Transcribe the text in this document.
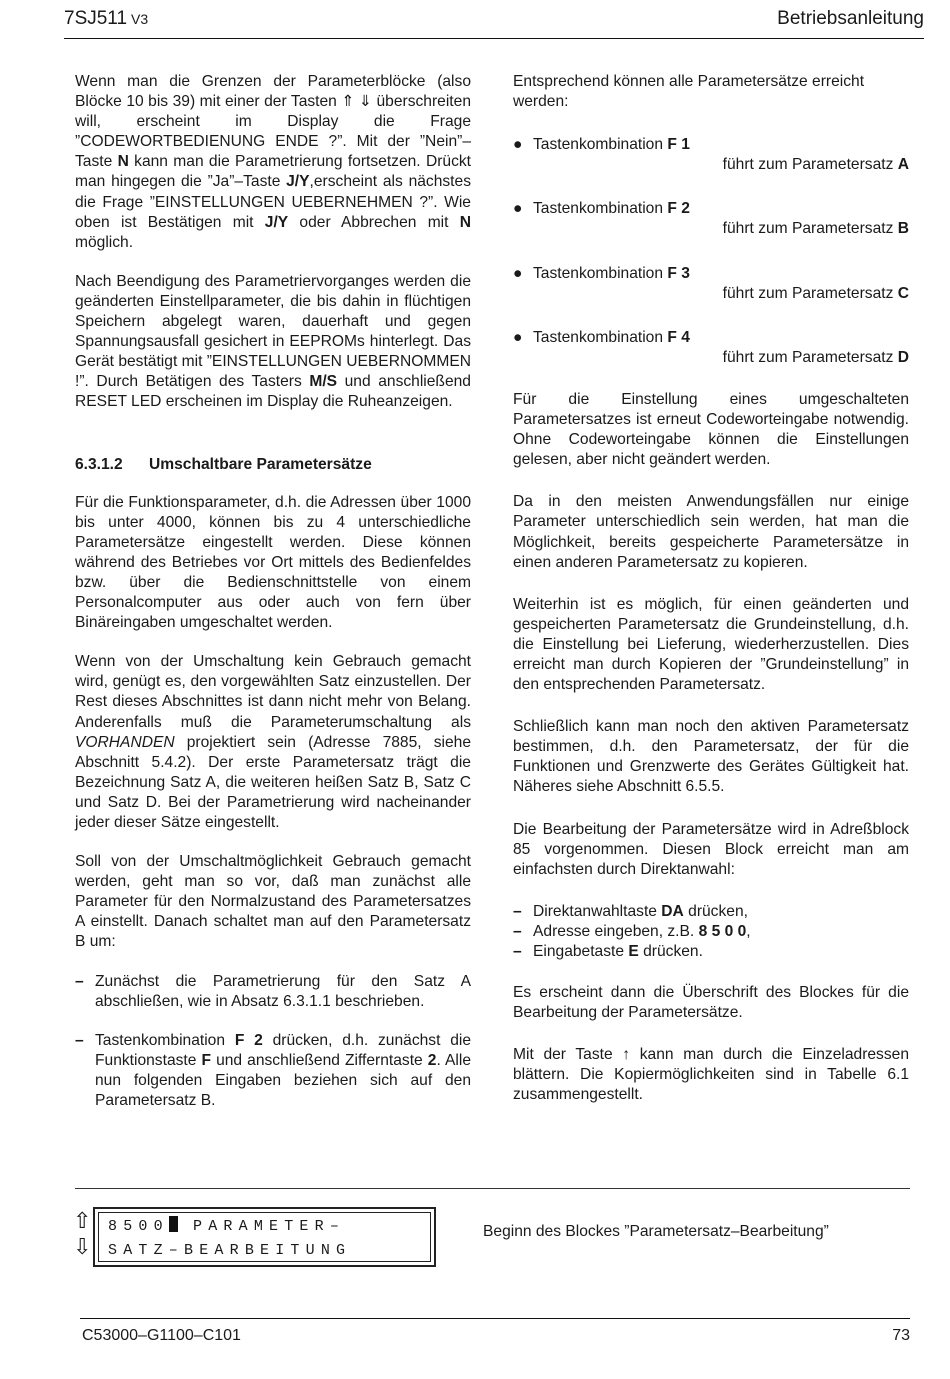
7SJ511 V3	Betriebsanleitung

Wenn man die Grenzen der Parameterblöcke (also Blöcke 10 bis 39) mit einer der Tasten ⇑ ⇓ überschreiten will, erscheint im Display die Frage ”CODEWORTBEDIENUNG ENDE ?”. Mit der ”Nein”–Taste N kann man die Parametrierung fortsetzen. Drückt man hingegen die ”Ja”–Taste J/Y,erscheint als nächstes die Frage ”EINSTELLUNGEN UEBERNEHMEN ?”. Wie oben ist Bestätigen mit J/Y oder Abbrechen mit N möglich.

Nach Beendigung des Parametriervorganges werden die geänderten Einstellparameter, die bis dahin in flüchtigen Speichern abgelegt waren, dauerhaft und gegen Spannungsausfall gesichert in EEPROMs hinterlegt. Das Gerät bestätigt mit ”EINSTELLUNGEN UEBERNOMMEN !”. Durch Betätigen des Tasters M/S und anschließend RESET LED erscheinen im Display die Ruheanzeigen.

6.3.1.2 Umschaltbare Parametersätze

Für die Funktionsparameter, d.h. die Adressen über 1000 bis unter 4000, können bis zu 4 unterschiedliche Parametersätze eingestellt werden. Diese können während des Betriebes vor Ort mittels des Bedienfeldes bzw. über die Bedienschnittstelle von einem Personalcomputer aus oder auch von fern über Binäreingaben umgeschaltet werden.

Wenn von der Umschaltung kein Gebrauch gemacht wird, genügt es, den vorgewählten Satz einzustellen. Der Rest dieses Abschnittes ist dann nicht mehr von Belang. Anderenfalls muß die Parameterumschaltung als VORHANDEN projektiert sein (Adresse 7885, siehe Abschnitt 5.4.2). Der erste Parametersatz trägt die Bezeichnung Satz A, die weiteren heißen Satz B, Satz C und Satz D. Bei der Parametrierung wird nacheinander jeder dieser Sätze eingestellt.

Soll von der Umschaltmöglichkeit Gebrauch gemacht werden, geht man so vor, daß man zunächst alle Parameter für den Normalzustand des Parametersatzes A einstellt. Danach schaltet man auf den Parametersatz B um:

– Zunächst die Parametrierung für den Satz A abschließen, wie in Absatz 6.3.1.1 beschrieben.
– Tastenkombination F 2 drücken, d.h. zunächst die Funktionstaste F und anschließend Zifferntaste 2. Alle nun folgenden Eingaben beziehen sich auf den Parametersatz B.

Entsprechend können alle Parametersätze erreicht werden:

● Tastenkombination F 1
führt zum Parametersatz A
● Tastenkombination F 2
führt zum Parametersatz B
● Tastenkombination F 3
führt zum Parametersatz C
● Tastenkombination F 4
führt zum Parametersatz D

Für die Einstellung eines umgeschalteten Parametersatzes ist erneut Codeworteingabe notwendig. Ohne Codeworteingabe können die Einstellungen gelesen, aber nicht geändert werden.

Da in den meisten Anwendungsfällen nur einige Parameter unterschiedlich sein werden, hat man die Möglichkeit, bereits gespeicherte Parametersätze in einen anderen Parametersatz zu kopieren.

Weiterhin ist es möglich, für einen geänderten und gespeicherten Parametersatz die Grundeinstellung, d.h. die Einstellung bei Lieferung, wiederherzustellen. Dies erreicht man durch Kopieren der ”Grundeinstellung” in den entsprechenden Parametersatz.

Schließlich kann man noch den aktiven Parametersatz bestimmen, d.h. den Parametersatz, der für die Funktionen und Grenzwerte des Gerätes Gültigkeit hat. Näheres siehe Abschnitt 6.5.5.

Die Bearbeitung der Parametersätze wird in Adreßblock 85 vorgenommen. Diesen Block erreicht man am einfachsten durch Direktanwahl:

– Direktanwahltaste DA drücken,
– Adresse eingeben, z.B. 8 5 0 0,
– Eingabetaste E drücken.

Es erscheint dann die Überschrift des Blockes für die Bearbeitung der Parametersätze.

Mit der Taste ↑ kann man durch die Einzeladressen blättern. Die Kopiermöglichkeiten sind in Tabelle 6.1 zusammengestellt.

⇧
⇩
8500 PARAMETER–
SATZ–BEARBEITUNG
Beginn des Blockes ”Parametersatz–Bearbeitung”
C53000–G1100–C101	73
